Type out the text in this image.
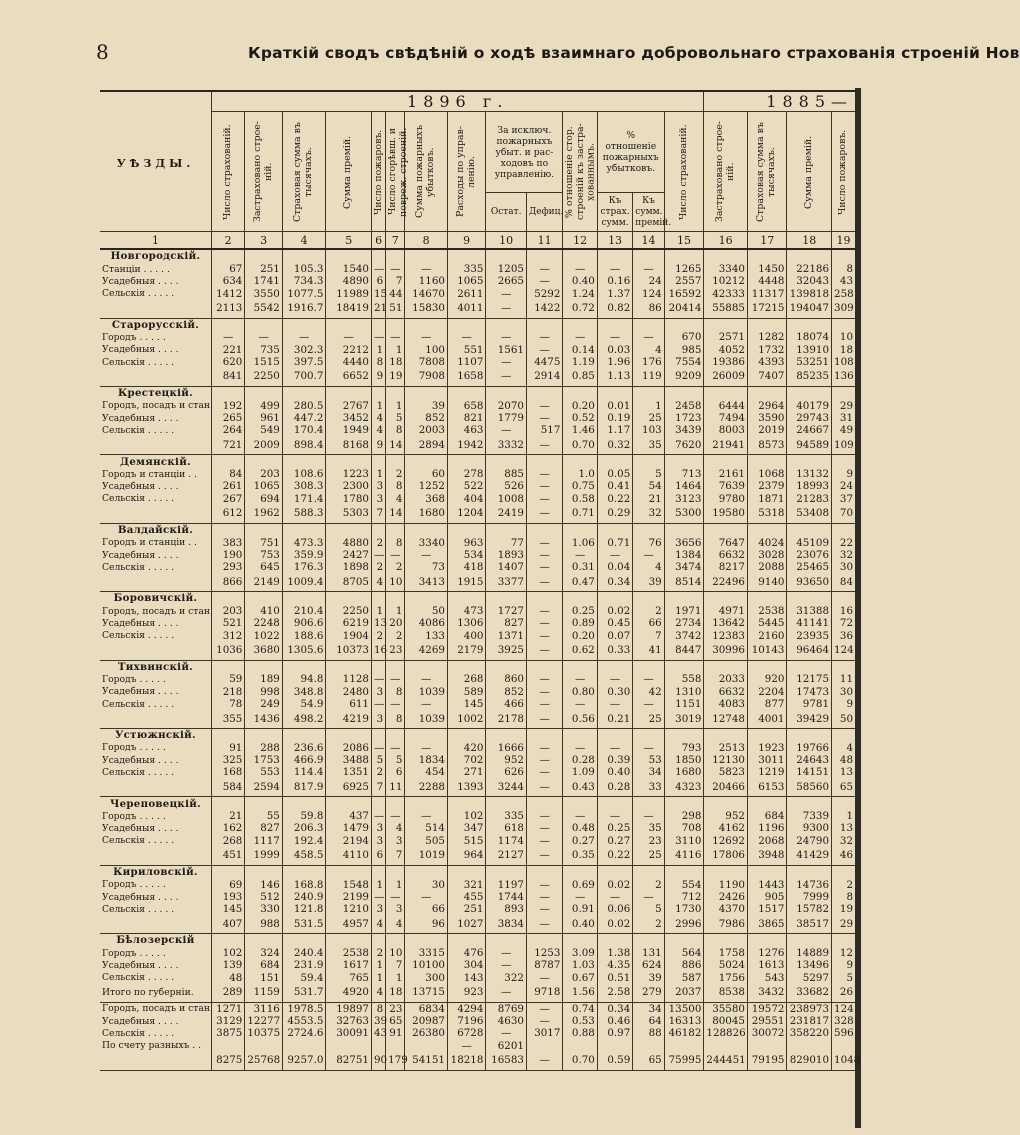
8	Краткій сводъ свѣдѣній о ходѣ взаимнаго добровольнаго страхованія строеній Нов
УѢЗДЫ.	1896 г.														1885—			

	Число страхованій.	Застраховано строе-ній.	Страховая сумма въ тысячахъ.	Сумма премій.	Число пожаровъ.	Число сгорѣвш. и повреж. строеній.	Сумма пожарныхъ убытковъ.	Расходы по управ-ленію.	За исключ. пожарныхъ убыт. и рас-ходовъ по управленію.		% отношеніе стор. строеній къ застра-хованнымъ.	% отношеніе пожарныхъ убытковъ.		Число страхованій.	Застраховано строе-ній.	Страховая сумма въ тысячахъ.	Сумма премій.	Число пожаровъ.

									Остат.	Дефиц.		Къ страх. сумм.	Къ сумм. премій.					
1	2	3	4	5	6	7	8	9	10	11	12	13	14	15	16	17	18	19
Новгородскій.																		
Станціи . . . . .	67	251	105.3	1540	—	—	—	335	1205	—	—	—	—	1265	3340	1450	22186	8
Усадебныя . . . .	634	1741	734.3	4890	6	7	1160	1065	2665	—	0.40	0.16	24	2557	10212	4448	32043	43
Сельскія . . . . .	1412	3550	1077.5	11989	15	44	14670	2611	—	5292	1.24	1.37	124	16592	42333	11317	139818	258
	2113	5542	1916.7	18419	21	51	15830	4011	—	1422	0.72	0.82	86	20414	55885	17215	194047	309
Старорусскій.																		
Городъ . . . . .	—	—	—	—	—	—	—	—	—	—	—	—	—	670	2571	1282	18074	10
Усадебныя . . . .	221	735	302.3	2212	1	1	100	551	1561	—	0.14	0.03	4	985	4052	1732	13910	18
Сельскія . . . . .	620	1515	397.5	4440	8	18	7808	1107	—	4475	1.19	1.96	176	7554	19386	4393	53251	108
	841	2250	700.7	6652	9	19	7908	1658	—	2914	0.85	1.13	119	9209	26009	7407	85235	136
Крестецкій.																		
Городъ, посадъ и стан.	192	499	280.5	2767	1	1	39	658	2070	—	0.20	0.01	1	2458	6444	2964	40179	29
Усадебныя . . . .	265	961	447.2	3452	4	5	852	821	1779	—	0.52	0.19	25	1723	7494	3590	29743	31
Сельскія . . . . .	264	549	170.4	1949	4	8	2003	463	—	517	1.46	1.17	103	3439	8003	2019	24667	49
	721	2009	898.4	8168	9	14	2894	1942	3332	—	0.70	0.32	35	7620	21941	8573	94589	109
Демянскій.																		
Городъ и станціи . .	84	203	108.6	1223	1	2	60	278	885	—	1.0	0.05	5	713	2161	1068	13132	9
Усадебныя . . . .	261	1065	308.3	2300	3	8	1252	522	526	—	0.75	0.41	54	1464	7639	2379	18993	24
Сельскія . . . . .	267	694	171.4	1780	3	4	368	404	1008	—	0.58	0.22	21	3123	9780	1871	21283	37
	612	1962	588.3	5303	7	14	1680	1204	2419	—	0.71	0.29	32	5300	19580	5318	53408	70
Валдайскій.																		
Городъ и станціи . .	383	751	473.3	4880	2	8	3340	963	77	—	1.06	0.71	76	3656	7647	4024	45109	22
Усадебныя . . . .	190	753	359.9	2427	—	—	—	534	1893	—	—	—	—	1384	6632	3028	23076	32
Сельскія . . . . .	293	645	176.3	1898	2	2	73	418	1407	—	0.31	0.04	4	3474	8217	2088	25465	30
	866	2149	1009.4	8705	4	10	3413	1915	3377	—	0.47	0.34	39	8514	22496	9140	93650	84
Боровичскій.																		
Городъ, посадъ и стан.	203	410	210.4	2250	1	1	50	473	1727	—	0.25	0.02	2	1971	4971	2538	31388	16
Усадебныя . . . .	521	2248	906.6	6219	13	20	4086	1306	827	—	0.89	0.45	66	2734	13642	5445	41141	72
Сельскія . . . . .	312	1022	188.6	1904	2	2	133	400	1371	—	0.20	0.07	7	3742	12383	2160	23935	36
	1036	3680	1305.6	10373	16	23	4269	2179	3925	—	0.62	0.33	41	8447	30996	10143	96464	124
Тихвинскій.																		
Городъ . . . . .	59	189	94.8	1128	—	—	—	268	860	—	—	—	—	558	2033	920	12175	11
Усадебныя . . . .	218	998	348.8	2480	3	8	1039	589	852	—	0.80	0.30	42	1310	6632	2204	17473	30
Сельскія . . . . .	78	249	54.9	611	—	—	—	145	466	—	—	—	—	1151	4083	877	9781	9
	355	1436	498.2	4219	3	8	1039	1002	2178	—	0.56	0.21	25	3019	12748	4001	39429	50
Устюжнскій.																		
Городъ . . . . .	91	288	236.6	2086	—	—	—	420	1666	—	—	—	—	793	2513	1923	19766	4
Усадебныя . . . .	325	1753	466.9	3488	5	5	1834	702	952	—	0.28	0.39	53	1850	12130	3011	24643	48
Сельскія . . . . .	168	553	114.4	1351	2	6	454	271	626	—	1.09	0.40	34	1680	5823	1219	14151	13
	584	2594	817.9	6925	7	11	2288	1393	3244	—	0.43	0.28	33	4323	20466	6153	58560	65
Череповецкій.																		
Городъ . . . . .	21	55	59.8	437	—	—	—	102	335	—	—	—	—	298	952	684	7339	1
Усадебныя . . . .	162	827	206.3	1479	3	4	514	347	618	—	0.48	0.25	35	708	4162	1196	9300	13
Сельскія . . . . .	268	1117	192.4	2194	3	3	505	515	1174	—	0.27	0.27	23	3110	12692	2068	24790	32
	451	1999	458.5	4110	6	7	1019	964	2127	—	0.35	0.22	25	4116	17806	3948	41429	46
Кириловскій.																		
Городъ . . . . .	69	146	168.8	1548	1	1	30	321	1197	—	0.69	0.02	2	554	1190	1443	14736	2
Усадебныя . . . .	193	512	240.9	2199	—	—	—	455	1744	—	—	—	—	712	2426	905	7999	8
Сельскія . . . . .	145	330	121.8	1210	3	3	66	251	893	—	0.91	0.06	5	1730	4370	1517	15782	19
	407	988	531.5	4957	4	4	96	1027	3834	—	0.40	0.02	2	2996	7986	3865	38517	29
Бѣлозерскій																		
Городъ . . . . .	102	324	240.4	2538	2	10	3315	476	—	1253	3.09	1.38	131	564	1758	1276	14889	12
Усадебныя . . . .	139	684	231.9	1617	1	7	10100	304	—	8787	1.03	4.35	624	886	5024	1613	13496	9
Сельскія . . . . .	48	151	59.4	765	1	1	300	143	322	—	0.67	0.51	39	587	1756	543	5297	5
Итого по губерніи.	289	1159	531.7	4920	4	18	13715	923	—	9718	1.56	2.58	279	2037	8538	3432	33682	26
Городъ, посадъ и стан.	1271	3116	1978.5	19897	8	23	6834	4294	8769	—	0.74	0.34	34	13500	35580	19572	238973	124
Усадебныя . . . .	3129	12277	4553.5	32763	39	65	20987	7196	4630	—	0.53	0.46	64	16313	80045	29551	231817	328
Сельскія . . . . .	3875	10375	2724.6	30091	43	91	26380	6728	—	3017	0.88	0.97	88	46182	128826	30072	358220	596
По счету разныхъ . .								—	6201									
	8275	25768	9257.0	82751	90	179	54151	18218	16583	—	0.70	0.59	65	75995	244451	79195	829010	1048
